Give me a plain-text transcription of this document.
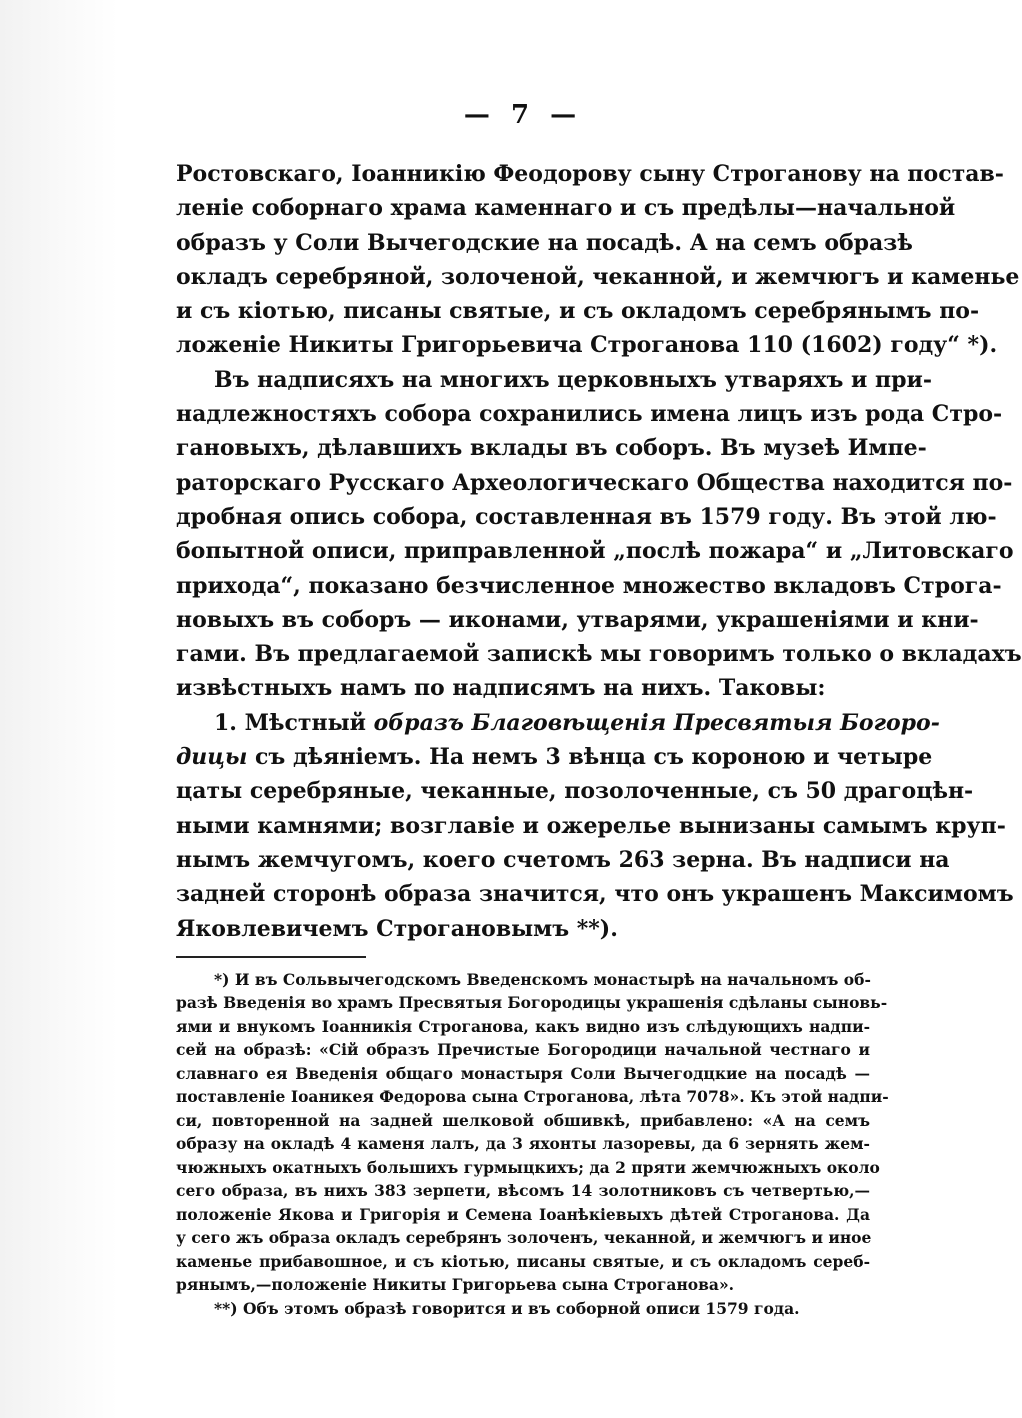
— 7 —
Ростовскаго, Іоанникію Феодорову сыну Строганову на постав-
леніе соборнаго храма каменнаго и съ предѣлы—начальной
образъ у Соли Вычегодские на посадѣ. А на семъ образѣ
окладъ серебряной, золоченой, чеканной, и жемчюгъ и каменье
и съ кіотью, писаны святые, и съ окладомъ серебрянымъ по-
ложеніе Никиты Григорьевича Строганова 110 (1602) году“ *).
Въ надписяхъ на многихъ церковныхъ утваряхъ и при-
надлежностяхъ собора сохранились имена лицъ изъ рода Стро-
гановыхъ, дѣлавшихъ вклады въ соборъ. Въ музеѣ Импе-
раторскаго Русскаго Археологическаго Общества находится по-
дробная опись собора, составленная въ 1579 году. Въ этой лю-
бопытной описи, приправленной „послѣ пожара“ и „Литовскаго
прихода“, показано безчисленное множество вкладовъ Строга-
новыхъ въ соборъ — иконами, утварями, украшеніями и кни-
гами. Въ предлагаемой запискѣ мы говоримъ только о вкладахъ
извѣстныхъ намъ по надписямъ на нихъ. Таковы:
1. Мѣстный образъ Благовѣщенія Пресвятыя Богоро-
дицы съ дѣяніемъ. На немъ 3 вѣнца съ короною и четыре
цаты серебряные, чеканные, позолоченные, съ 50 драгоцѣн-
ными камнями; возглавіе и ожерелье вынизаны самымъ круп-
нымъ жемчугомъ, коего счетомъ 263 зерна. Въ надписи на
задней сторонѣ образа значится, что онъ украшенъ Максимомъ
Яковлевичемъ Строгановымъ **).
*) И въ Сольвычегодскомъ Введенскомъ монастырѣ на начальномъ об-
разѣ Введенія во храмъ Пресвятыя Богородицы украшенія сдѣланы сыновь-
ями и внукомъ Іоанникія Строганова, какъ видно изъ слѣдующихъ надпи-
сей на образѣ: «Сій образъ Пречистые Богородици начальной честнаго и
славнаго ея Введенія общаго монастыря Соли Вычегодцкие на посадѣ —
поставленіе Іоаникея Федорова сына Строганова, лѣта 7078». Къ этой надпи-
си, повторенной на задней шелковой обшивкѣ, прибавлено: «А на семъ
образу на окладѣ 4 каменя лалъ, да 3 яхонты лазоревы, да 6 зернять жем-
чюжныхъ окатныхъ большихъ гурмыцкихъ; да 2 пряти жемчюжныхъ около
сего образа, въ нихъ 383 зерпети, вѣсомъ 14 золотниковъ съ четвертью,—
положеніе Якова и Григорія и Семена Іоанѣкіевыхъ дѣтей Строганова. Да
у сего жъ образа окладъ серебрянъ золоченъ, чеканной, и жемчюгъ и иное
каменье прибавошное, и съ кіотью, писаны святые, и съ окладомъ сереб-
рянымъ,—положеніе Никиты Григорьева сына Строганова».
**) Объ этомъ образѣ говорится и въ соборной описи 1579 года.
